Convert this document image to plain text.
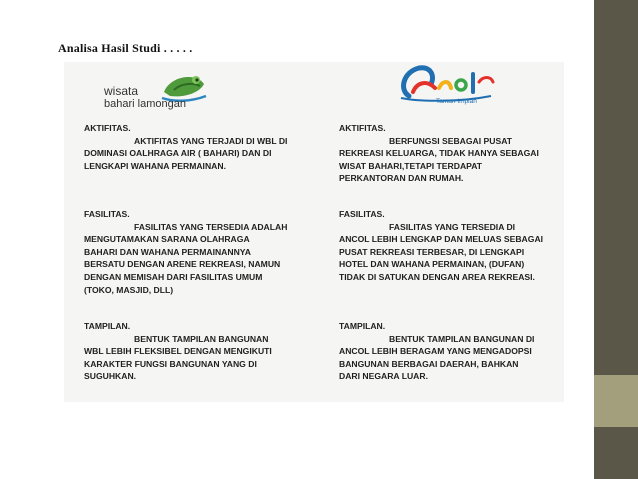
Analisa Hasil Studi . . . . .
wisata
bahari lamongan	Taman Impian
AKTIFITAS.
AKTIFITAS YANG TERJADI DI WBL DI
DOMINASI OALHRAGA AIR ( BAHARI) DAN DI
LENGKAPI WAHANA PERMAINAN.
FASILITAS.
FASILITAS YANG TERSEDIA ADALAH
MENGUTAMAKAN SARANA OLAHRAGA
BAHARI DAN WAHANA PERMAINANNYA
BERSATU DENGAN ARENE REKREASI, NAMUN
DENGAN MEMISAH DARI FASILITAS UMUM
(TOKO, MASJID, DLL)
TAMPILAN.
BENTUK TAMPILAN BANGUNAN
WBL LEBIH FLEKSIBEL DENGAN MENGIKUTI
KARAKTER FUNGSI BANGUNAN YANG DI
SUGUHKAN.
AKTIFITAS.
BERFUNGSI SEBAGAI PUSAT
REKREASI KELUARGA, TIDAK HANYA SEBAGAI
WISAT BAHARI,TETAPI TERDAPAT
PERKANTORAN DAN RUMAH.
FASILITAS.
FASILITAS YANG TERSEDIA DI
ANCOL LEBIH LENGKAP DAN MELUAS SEBAGAI
PUSAT REKREASI TERBESAR, DI LENGKAPI
HOTEL DAN WAHANA PERMAINAN, (DUFAN)
TIDAK DI SATUKAN DENGAN AREA REKREASI.
TAMPILAN.
BENTUK TAMPILAN BANGUNAN DI
ANCOL LEBIH BERAGAM YANG MENGADOPSI
BANGUNAN BERBAGAI DAERAH, BAHKAN
DARI NEGARA LUAR.
